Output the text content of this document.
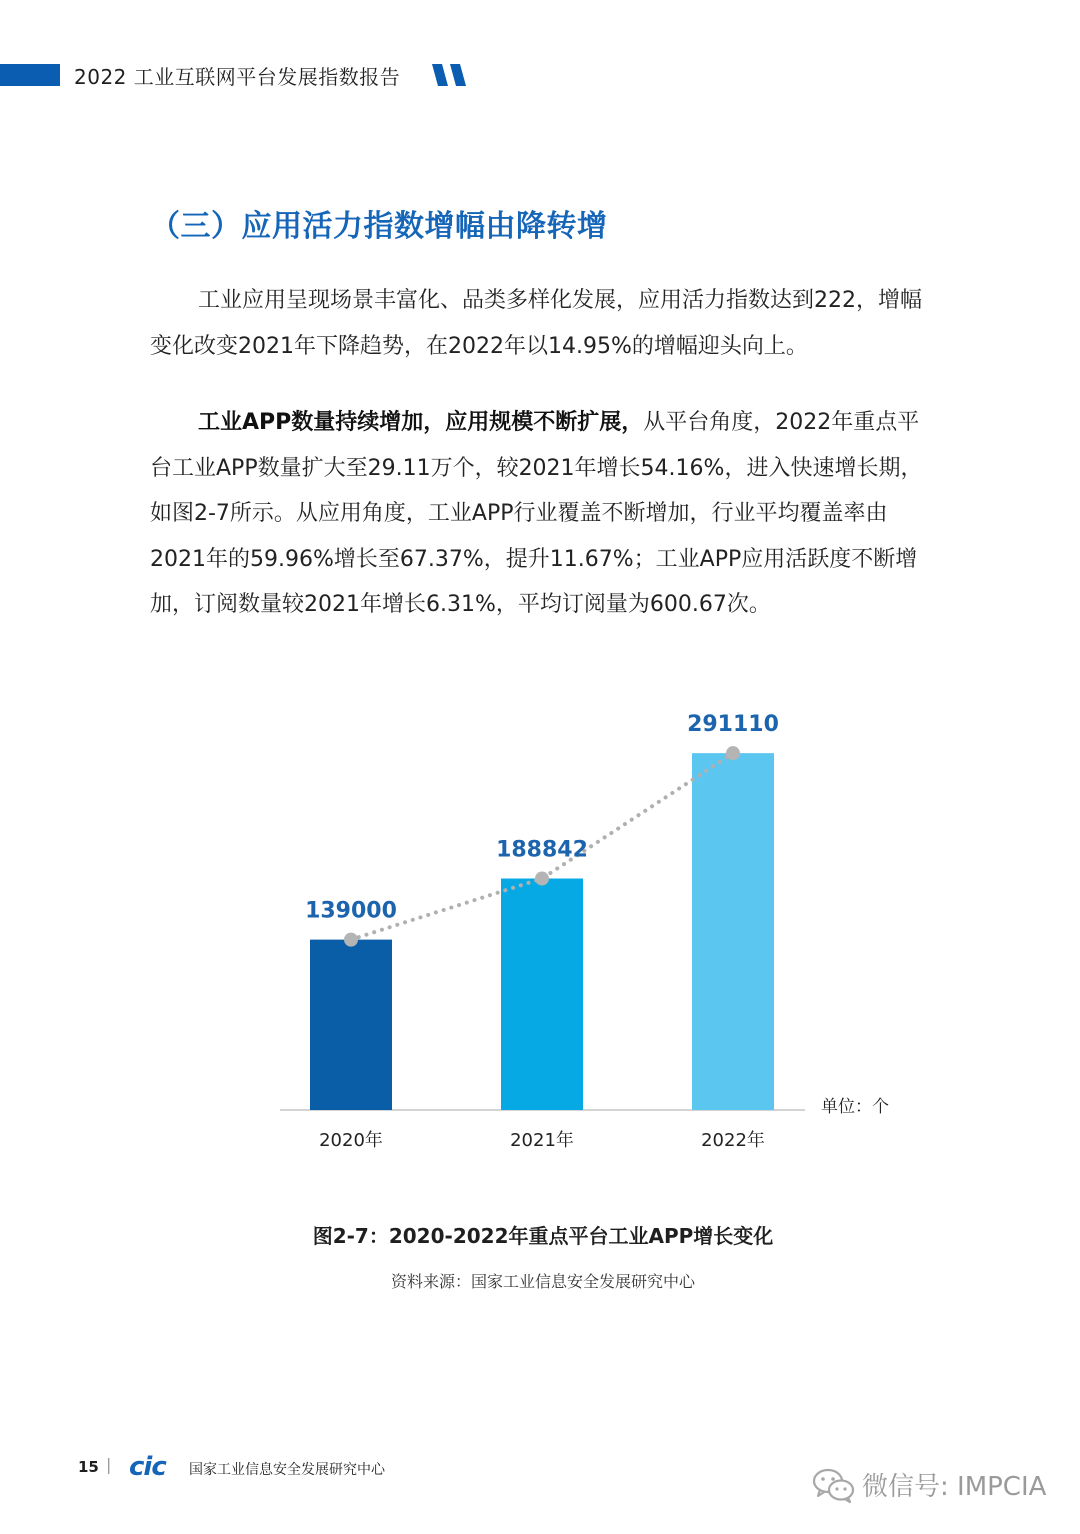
2022 工业互联网平台发展指数报告
（三）应用活力指数增幅由降转增

工业应用呈现场景丰富化、品类多样化发展，应用活力指数达到222，增幅变化改变2021年下降趋势，在2022年以14.95%的增幅迎头向上。

工业APP数量持续增加，应用规模不断扩展，从平台角度，2022年重点平台工业APP数量扩大至29.11万个，较2021年增长54.16%，进入快速增长期，如图2-7所示。从应用角度，工业APP行业覆盖不断增加，行业平均覆盖率由2021年的59.96%增长至67.37%，提升11.67%；工业APP应用活跃度不断增加，订阅数量较2021年增长6.31%，平均订阅量为600.67次。

139000
2020年
188842
2021年
291110
2022年
单位：个
图2-7：2020-2022年重点平台工业APP增长变化
资料来源：国家工业信息安全发展研究中心
15 | cic 国家工业信息安全发展研究中心
微信号: IMPCIA
